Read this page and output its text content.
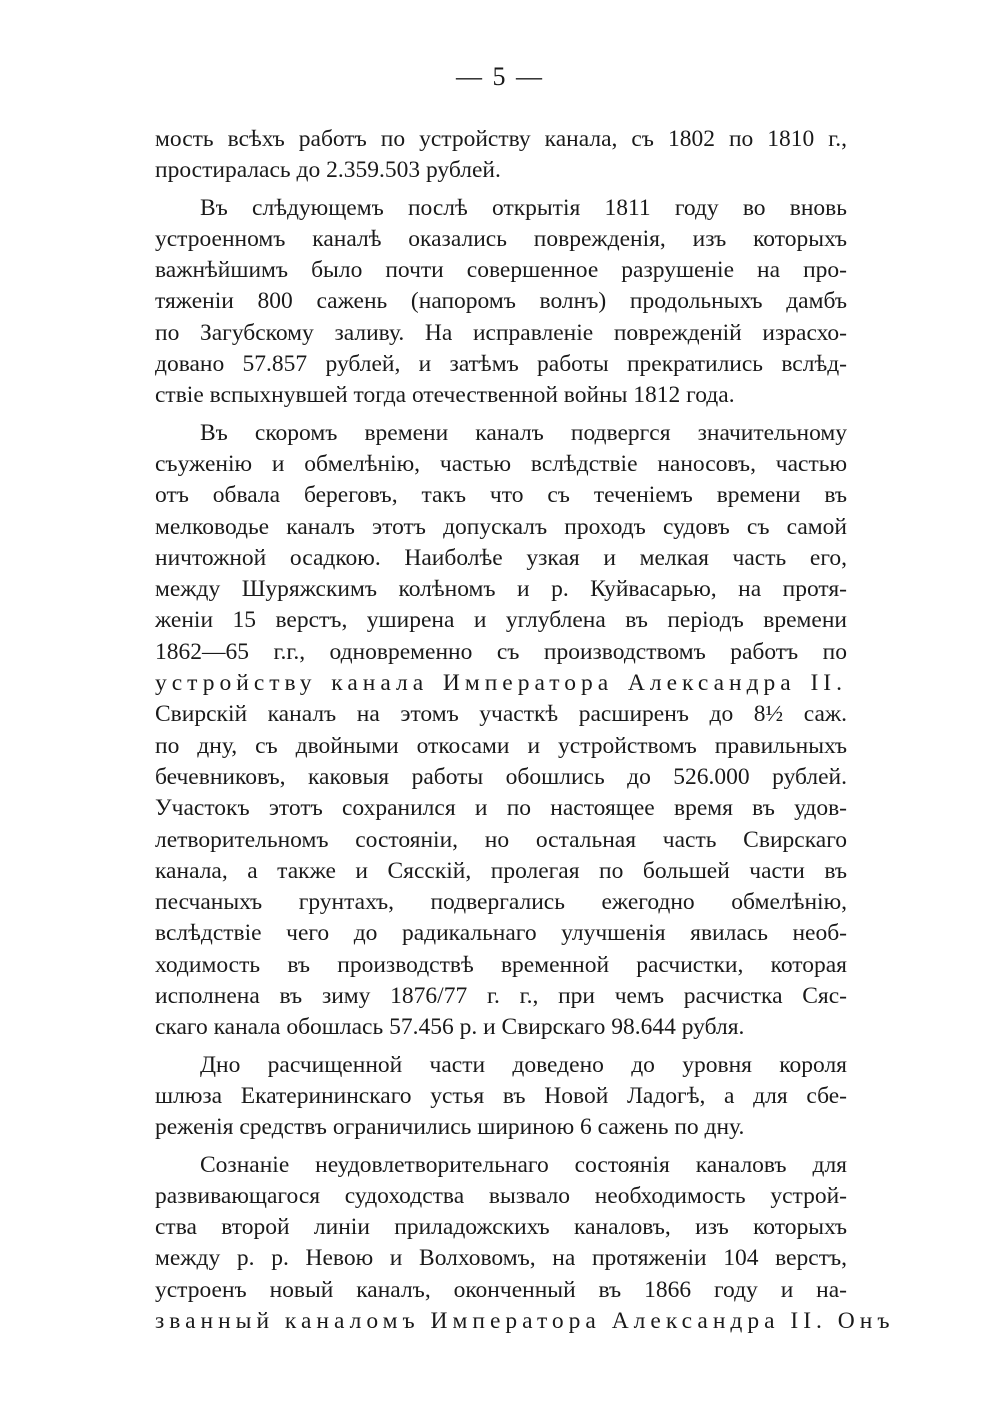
— 5 —
мость всѣхъ работъ по устройству канала, съ 1802 по 1810 г.,
простиралась до 2.359.503 рублей.
Въ слѣдующемъ послѣ открытія 1811 году во вновь
устроенномъ каналѣ оказались поврежденія, изъ которыхъ
важнѣйшимъ было почти совершенное разрушеніе на про-
тяженіи 800 сажень (напоромъ волнъ) продольныхъ дамбъ
по Загубскому заливу. На исправленіе поврежденій израсхо-
довано 57.857 рублей, и затѣмъ работы прекратились вслѣд-
ствіе вспыхнувшей тогда отечественной войны 1812 года.
Въ скоромъ времени каналъ подвергся значительному
съуженію и обмелѣнію, частью вслѣдствіе наносовъ, частью
отъ обвала береговъ, такъ что съ теченіемъ времени въ
мелководье каналъ этотъ допускалъ проходъ судовъ съ самой
ничтожной осадкою. Наиболѣе узкая и мелкая часть его,
между Шуряжскимъ колѣномъ и р. Куйвасарью, на протя-
женіи 15 верстъ, уширена и углублена въ періодъ времени
1862—65 г.г., одновременно съ производствомъ работъ по
устройству канала Императора Александра II.
Свирскій каналъ на этомъ участкѣ расширенъ до 8½ саж.
по дну, съ двойными откосами и устройствомъ правильныхъ
бечевниковъ, каковыя работы обошлись до 526.000 рублей.
Участокъ этотъ сохранился и по настоящее время въ удов-
летворительномъ состояніи, но остальная часть Свирскаго
канала, а также и Сясскій, пролегая по большей части въ
песчаныхъ грунтахъ, подвергались ежегодно обмелѣнію,
вслѣдствіе чего до радикальнаго улучшенія явилась необ-
ходимость въ производствѣ временной расчистки, которая
исполнена въ зиму 1876/77 г. г., при чемъ расчистка Сяс-
скаго канала обошлась 57.456 р. и Свирскаго 98.644 рубля.
Дно расчищенной части доведено до уровня короля
шлюза Екатерининскаго устья въ Новой Ладогѣ, а для сбе-
реженія средствъ ограничились шириною 6 сажень по дну.
Сознаніе неудовлетворительнаго состоянія каналовъ для
развивающагося судоходства вызвало необходимость устрой-
ства второй линіи приладожскихъ каналовъ, изъ которыхъ
между р. р. Невою и Волховомъ, на протяженіи 104 верстъ,
устроенъ новый каналъ, оконченный въ 1866 году и на-
званный каналомъ Императора Александра II. Онъ
